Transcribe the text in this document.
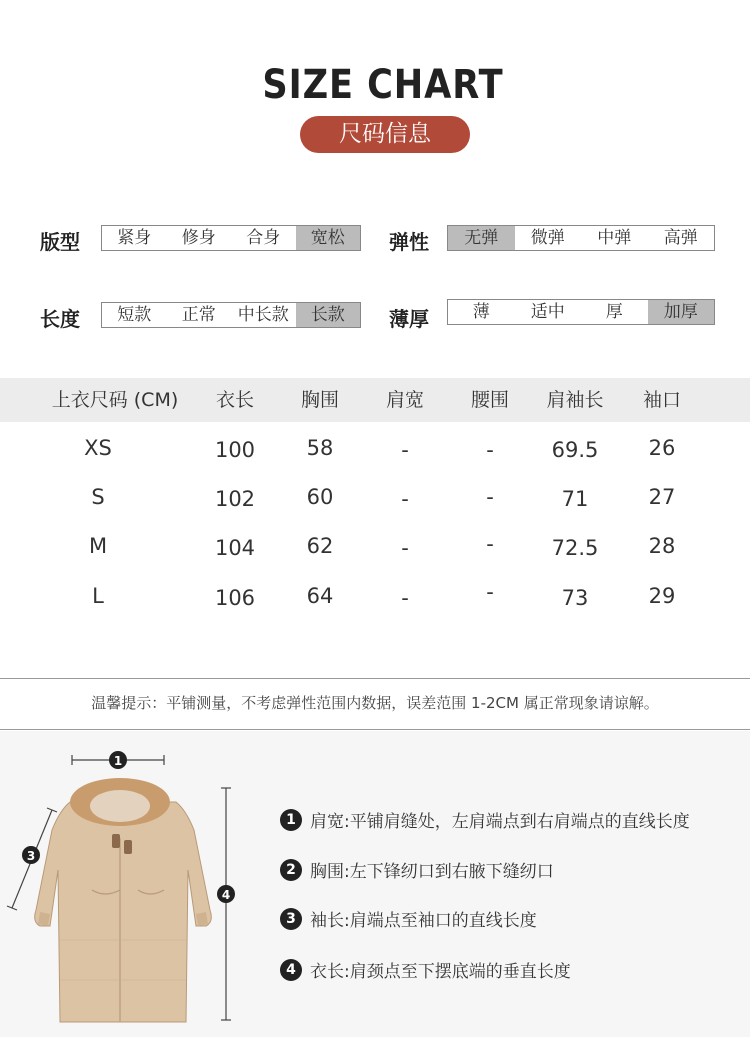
SIZE CHART
尺码信息
版型	紧身	修身	合身	宽松	弹性	无弹	微弹	中弹	高弹
长度	短款	正常	中长款	长款	薄厚	薄	适中	厚	加厚
上衣尺码 (CM)	衣长	胸围	肩宽	腰围	肩袖长	袖口
XS	100	58	-	-	69.5	26
S	102	60	-	-	71	27
M	104	62	-	-	72.5	28
L	106	64	-	-	73	29
温馨提示：平铺测量，不考虑弹性范围内数据，误差范围 1-2CM 属正常现象请谅解。
1
3
4
1 肩宽:平铺肩缝处，左肩端点到右肩端点的直线长度
2 胸围:左下锋纫口到右腋下缝纫口
3 袖长:肩端点至袖口的直线长度
4 衣长:肩颈点至下摆底端的垂直长度
